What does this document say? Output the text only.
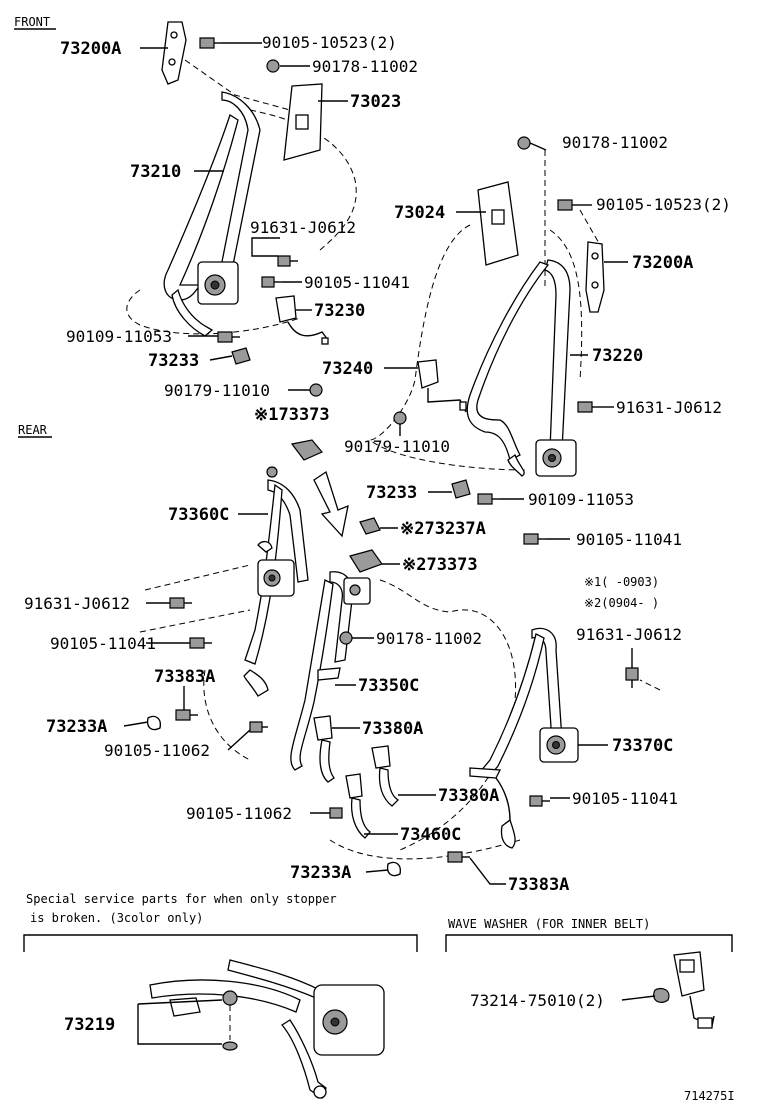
FRONT
REAR
73200A	90105-10523(2)
90178-11002
73023
73210
91631-J0612
90105-11041
73230
90109-11053
73233
90179-11010
※173373
90178-11002
73024	90105-10523(2)
73200A
73220
73240
91631-J0612
90179-11010
73233	90109-11053
73360C
※273237A
90105-11041
※273373
※1( -0903)
※2(0904- )
91631-J0612
90105-11041	90178-11002	91631-J0612
73383A	73350C
73233A	73380A
73370C
90105-11062
73380A	90105-11041
90105-11062
73460C
73233A
73383A
73219
73214-75010(2)
Special service parts for when only stopper
is broken. (3color only)	WAVE WASHER (FOR INNER BELT)
714275I
